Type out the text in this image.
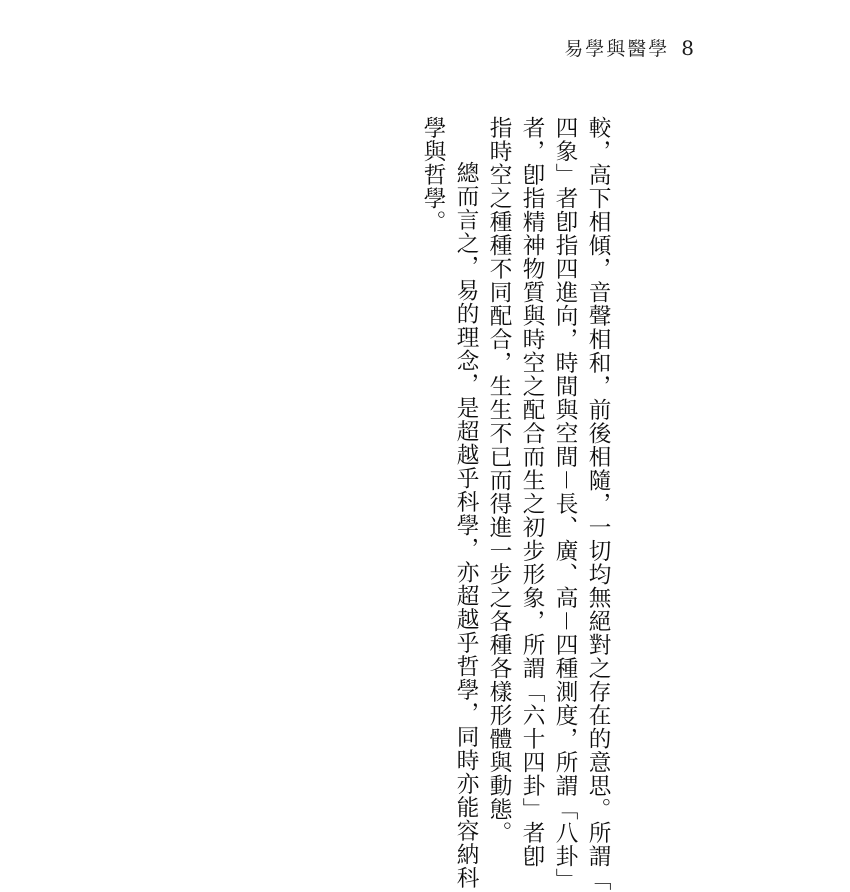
易學與醫學 8
較，高下相傾，音聲相和，前後相隨，一切均無絕對之存在的意思。所謂「
四象」者卽指四進向，時間與空間－長、廣、高－四種測度，所謂「八卦」
者，卽指精神物質與時空之配合而生之初步形象，所謂「六十四卦」者卽
指時空之種種不同配合，生生不已而得進一步之各種各樣形體與動態。
總而言之，易的理念，是超越乎科學，亦超越乎哲學，同時亦能容納科
學與哲學。
